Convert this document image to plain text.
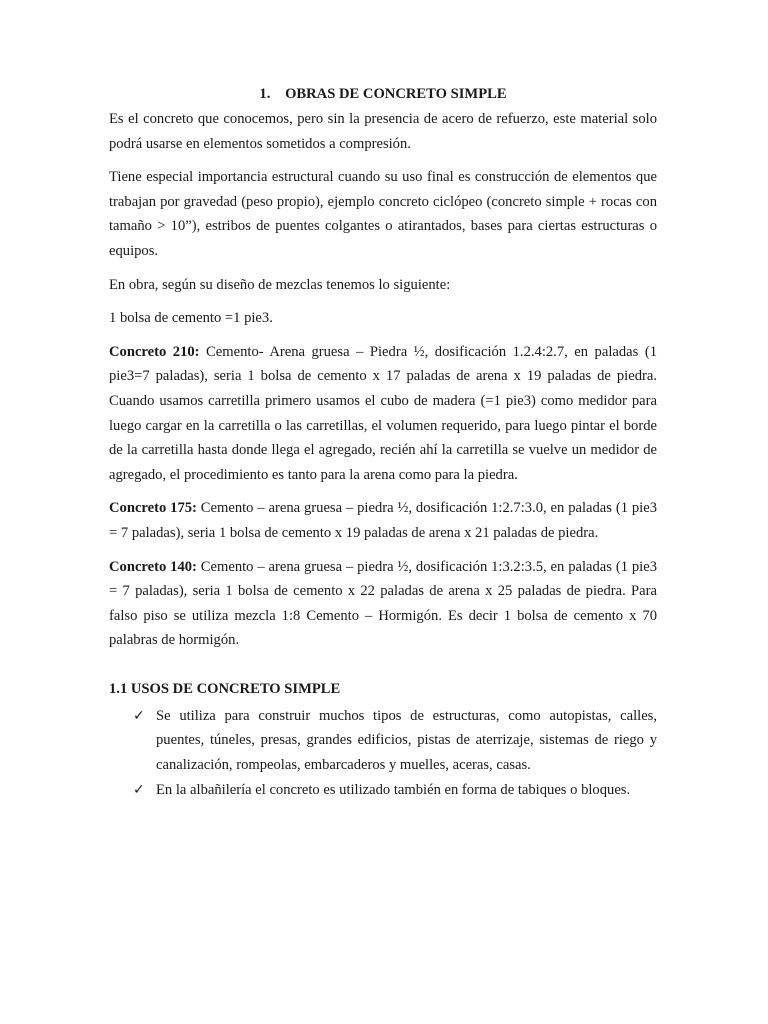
1. OBRAS DE CONCRETO SIMPLE

Es el concreto que conocemos, pero sin la presencia de acero de refuerzo, este material solo podrá usarse en elementos sometidos a compresión.

Tiene especial importancia estructural cuando su uso final es construcción de elementos que trabajan por gravedad (peso propio), ejemplo concreto ciclópeo (concreto simple + rocas con tamaño > 10”), estribos de puentes colgantes o atirantados, bases para ciertas estructuras o equipos.

En obra, según su diseño de mezclas tenemos lo siguiente:

1 bolsa de cemento =1 pie3.

Concreto 210: Cemento- Arena gruesa – Piedra ½, dosificación 1.2.4:2.7, en paladas (1 pie3=7 paladas), seria 1 bolsa de cemento x 17 paladas de arena x 19 paladas de piedra. Cuando usamos carretilla primero usamos el cubo de madera (=1 pie3) como medidor para luego cargar en la carretilla o las carretillas, el volumen requerido, para luego pintar el borde de la carretilla hasta donde llega el agregado, recién ahí la carretilla se vuelve un medidor de agregado, el procedimiento es tanto para la arena como para la piedra.

Concreto 175: Cemento – arena gruesa – piedra ½, dosificación 1:2.7:3.0, en paladas (1 pie3 = 7 paladas), seria 1 bolsa de cemento x 19 paladas de arena x 21 paladas de piedra.

Concreto 140: Cemento – arena gruesa – piedra ½, dosificación 1:3.2:3.5, en paladas (1 pie3 = 7 paladas), seria 1 bolsa de cemento x 22 paladas de arena x 25 paladas de piedra. Para falso piso se utiliza mezcla 1:8 Cemento – Hormigón. Es decir 1 bolsa de cemento x 70 palabras de hormigón.

1.1 USOS DE CONCRETO SIMPLE
✓ Se utiliza para construir muchos tipos de estructuras, como autopistas, calles, puentes, túneles, presas, grandes edificios, pistas de aterrizaje, sistemas de riego y canalización, rompeolas, embarcaderos y muelles, aceras, casas.
✓ En la albañilería el concreto es utilizado también en forma de tabiques o bloques.
